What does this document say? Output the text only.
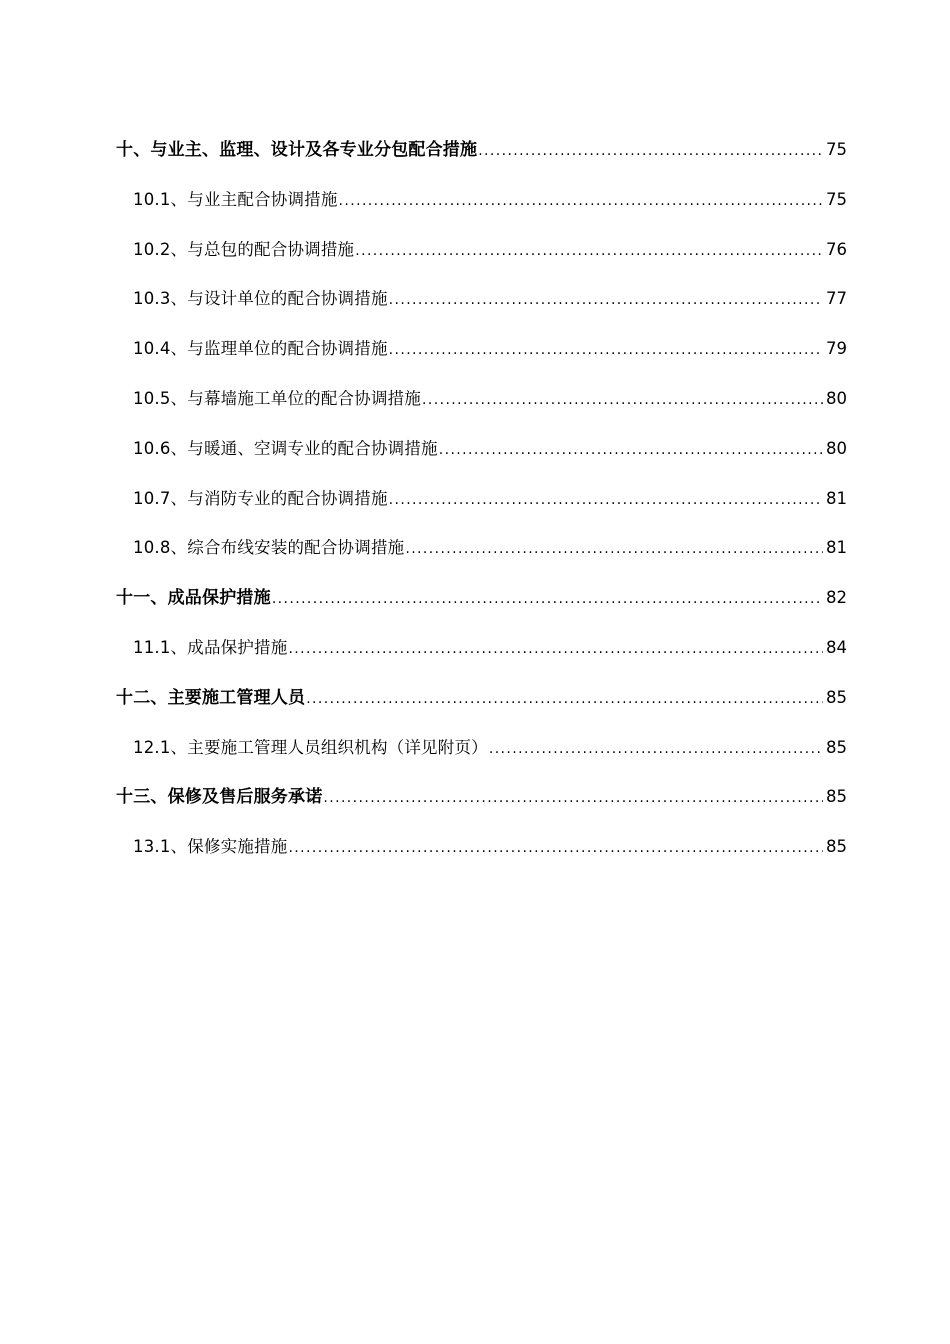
十、与业主、监理、设计及各专业分包配合措施 .....	75
10.1、与业主配合协调措施 .....	75
10.2、与总包的配合协调措施 .....	76
10.3、与设计单位的配合协调措施 .....	77
10.4、与监理单位的配合协调措施 .....	79
10.5、与幕墙施工单位的配合协调措施 .....	80
10.6、与暖通、空调专业的配合协调措施 .....	80
10.7、与消防专业的配合协调措施 .....	81
10.8、综合布线安装的配合协调措施 .....	81
十一、成品保护措施 .....	82
11.1、成品保护措施 .....	84
十二、主要施工管理人员 .....	85
12.1、主要施工管理人员组织机构（详见附页） .....	85
十三、保修及售后服务承诺 .....	85
13.1、保修实施措施 .....	85
